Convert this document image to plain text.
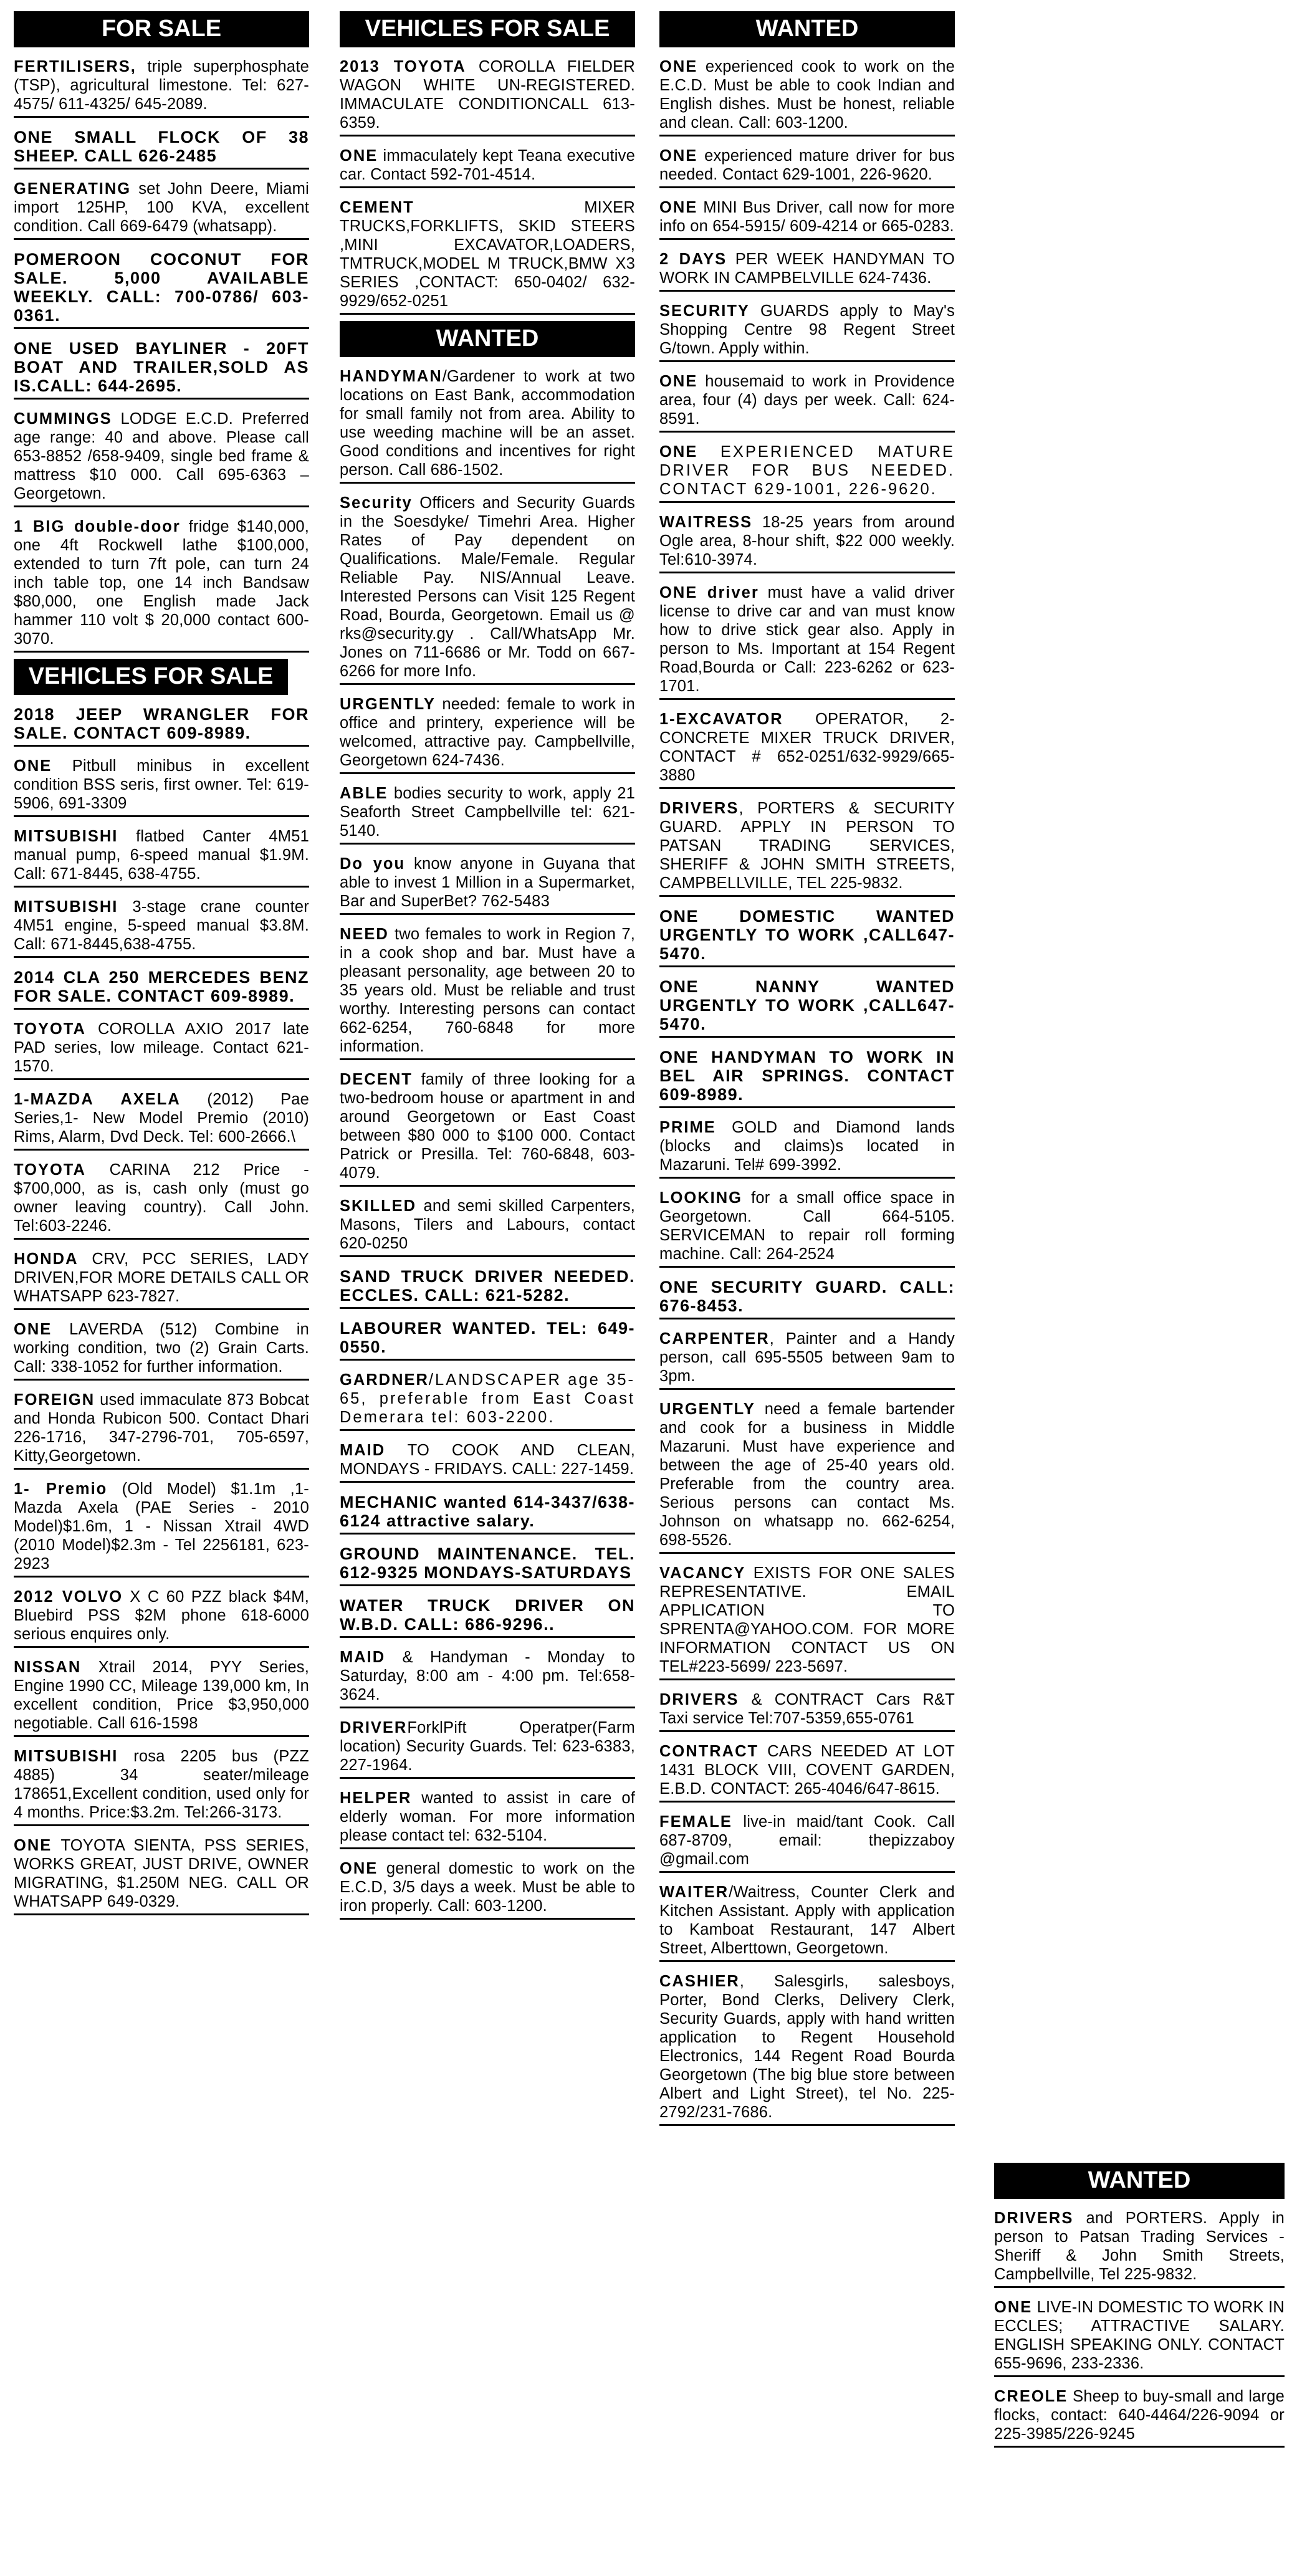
FOR SALE
FERTILISERS, triple superphosphate (TSP), agricultural limestone. Tel: 627-4575/ 611-4325/ 645-2089.
ONE SMALL FLOCK OF 38 SHEEP. CALL 626-2485
GENERATING set John Deere, Miami import 125HP, 100 KVA, excellent condition. Call 669-6479 (whatsapp).
POMEROON COCONUT FOR SALE. 5,000 AVAILABLE WEEKLY. CALL: 700-0786/ 603-0361.
ONE USED BAYLINER - 20FT BOAT AND TRAILER,SOLD AS IS.CALL: 644-2695.
CUMMINGS LODGE E.C.D. Preferred age range: 40 and above. Please call 653-8852 /658-9409, single bed frame & mattress $10 000. Call 695-6363 – Georgetown.
1 BIG double-door fridge $140,000, one 4ft Rockwell lathe $100,000, extended to turn 7ft pole, can turn 24 inch table top, one 14 inch Bandsaw $80,000, one English made Jack hammer 110 volt $ 20,000 contact 600-3070.
VEHICLES FOR SALE
2018 JEEP WRANGLER FOR SALE. CONTACT 609-8989.
ONE Pitbull minibus in excellent condition BSS seris, first owner. Tel: 619-5906, 691-3309
MITSUBISHI flatbed Canter 4M51 manual pump, 6-speed manual $1.9M. Call: 671-8445, 638-4755.
MITSUBISHI 3-stage crane counter 4M51 engine, 5-speed manual $3.8M. Call: 671-8445,638-4755.
2014 CLA 250 MERCEDES BENZ FOR SALE. CONTACT 609-8989.
TOYOTA COROLLA AXIO 2017 late PAD series, low mileage. Contact 621-1570.
1-MAZDA AXELA (2012) Pae Series,1- New Model Premio (2010) Rims, Alarm, Dvd Deck. Tel: 600-2666.\
TOYOTA CARINA 212 Price - $700,000, as is, cash only (must go owner leaving country). Call John. Tel:603-2246.
HONDA CRV, PCC SERIES, LADY DRIVEN,FOR MORE DETAILS CALL OR WHATSAPP 623-7827.
ONE LAVERDA (512) Combine in working condition, two (2) Grain Carts. Call: 338-1052 for further information.
FOREIGN used immaculate 873 Bobcat and Honda Rubicon 500. Contact Dhari 226-1716, 347-2796-701, 705-6597, Kitty,Georgetown.
1- Premio (Old Model) $1.1m ,1- Mazda Axela (PAE Series - 2010 Model)$1.6m, 1 - Nissan Xtrail 4WD (2010 Model)$2.3m - Tel 2256181, 623-2923
2012 VOLVO X C 60 PZZ black $4M, Bluebird PSS $2M phone 618-6000 serious enquires only.
NISSAN Xtrail 2014, PYY Series, Engine 1990 CC, Mileage 139,000 km, In excellent condition, Price $3,950,000 negotiable. Call 616-1598
MITSUBISHI rosa 2205 bus (PZZ 4885) 34 seater/mileage 178651,Excellent condition, used only for 4 months. Price:$3.2m. Tel:266-3173.
ONE TOYOTA SIENTA, PSS SERIES, WORKS GREAT, JUST DRIVE, OWNER MIGRATING, $1.250M NEG. CALL OR WHATSAPP 649-0329.
VEHICLES FOR SALE
2013 TOYOTA COROLLA FIELDER WAGON WHITE UN-REGISTERED. IMMACULATE CONDITIONCALL 613-6359.
ONE immaculately kept Teana executive car. Contact 592-701-4514.
CEMENT MIXER TRUCKS,FORKLIFTS, SKID STEERS ,MINI EXCAVATOR,LOADERS, TMTRUCK,MODEL M TRUCK,BMW X3 SERIES ,CONTACT: 650-0402/ 632-9929/652-0251
WANTED
HANDYMAN/Gardener to work at two locations on East Bank, accommodation for small family not from area. Ability to use weeding machine will be an asset. Good conditions and incentives for right person. Call 686-1502.
Security Officers and Security Guards in the Soesdyke/ Timehri Area. Higher Rates of Pay dependent on Qualifications. Male/Female. Regular Reliable Pay. NIS/Annual Leave. Interested Persons can Visit 125 Regent Road, Bourda, Georgetown. Email us @ rks@security.gy . Call/WhatsApp Mr. Jones on 711-6686 or Mr. Todd on 667-6266 for more Info.
URGENTLY needed: female to work in office and printery, experience will be welcomed, attractive pay. Campbellville, Georgetown 624-7436.
ABLE bodies security to work, apply 21 Seaforth Street Campbellville tel: 621-5140.
Do you know anyone in Guyana that able to invest 1 Million in a Supermarket, Bar and SuperBet? 762-5483
NEED two females to work in Region 7, in a cook shop and bar. Must have a pleasant personality, age between 20 to 35 years old. Must be reliable and trust worthy. Interesting persons can contact 662-6254, 760-6848 for more information.
DECENT family of three looking for a two-bedroom house or apartment in and around Georgetown or East Coast between $80 000 to $100 000. Contact Patrick or Presilla. Tel: 760-6848, 603-4079.
SKILLED and semi skilled Carpenters, Masons, Tilers and Labours, contact 620-0250
SAND TRUCK DRIVER NEEDED. ECCLES. CALL: 621-5282.
LABOURER WANTED. TEL: 649-0550.
GARDNER/LANDSCAPER age 35-65, preferable from East Coast Demerara tel: 603-2200.
MAID TO COOK AND CLEAN, MONDAYS - FRIDAYS. CALL: 227-1459.
MECHANIC wanted 614-3437/638-6124 attractive salary.
GROUND MAINTENANCE. TEL. 612-9325 MONDAYS-SATURDAYS
WATER TRUCK DRIVER ON W.B.D. CALL: 686-9296..
MAID & Handyman - Monday to Saturday, 8:00 am - 4:00 pm. Tel:658-3624.
DRIVERForklPift Operatper(Farm location) Security Guards. Tel: 623-6383, 227-1964.
HELPER wanted to assist in care of elderly woman. For more information please contact tel: 632-5104.
ONE general domestic to work on the E.C.D, 3/5 days a week. Must be able to iron properly. Call: 603-1200.
WANTED
ONE experienced cook to work on the E.C.D. Must be able to cook Indian and English dishes. Must be honest, reliable and clean. Call: 603-1200.
ONE experienced mature driver for bus needed. Contact 629-1001, 226-9620.
ONE MINI Bus Driver, call now for more info on 654-5915/ 609-4214 or 665-0283.
2 DAYS PER WEEK HANDYMAN TO WORK IN CAMPBELVILLE 624-7436.
SECURITY GUARDS apply to May's Shopping Centre 98 Regent Street G/town. Apply within.
ONE housemaid to work in Providence area, four (4) days per week. Call: 624-8591.
ONE EXPERIENCED MATURE DRIVER FOR BUS NEEDED. CONTACT 629-1001, 226-9620.
WAITRESS 18-25 years from around Ogle area, 8-hour shift, $22 000 weekly. Tel:610-3974.
ONE driver must have a valid driver license to drive car and van must know how to drive stick gear also. Apply in person to Ms. Important at 154 Regent Road,Bourda or Call: 223-6262 or 623-1701.
1-EXCAVATOR OPERATOR, 2- CONCRETE MIXER TRUCK DRIVER, CONTACT # 652-0251/632-9929/665-3880
DRIVERS, PORTERS & SECURITY GUARD. APPLY IN PERSON TO PATSAN TRADING SERVICES, SHERIFF & JOHN SMITH STREETS, CAMPBELLVILLE, TEL 225-9832.
ONE DOMESTIC WANTED URGENTLY TO WORK ,CALL647-5470.
ONE NANNY WANTED URGENTLY TO WORK ,CALL647-5470.
ONE HANDYMAN TO WORK IN BEL AIR SPRINGS. CONTACT 609-8989.
PRIME GOLD and Diamond lands (blocks and claims)s located in Mazaruni. Tel# 699-3992.
LOOKING for a small office space in Georgetown. Call 664-5105. SERVICEMAN to repair roll forming machine. Call: 264-2524
ONE SECURITY GUARD. CALL: 676-8453.
CARPENTER, Painter and a Handy person, call 695-5505 between 9am to 3pm.
URGENTLY need a female bartender and cook for a business in Middle Mazaruni. Must have experience and between the age of 25-40 years old. Preferable from the country area. Serious persons can contact Ms. Johnson on whatsapp no. 662-6254, 698-5526.
VACANCY EXISTS FOR ONE SALES REPRESENTATIVE. EMAIL APPLICATION TO SPRENTA@YAHOO.COM. FOR MORE INFORMATION CONTACT US ON TEL#223-5699/ 223-5697.
DRIVERS & CONTRACT Cars R&T Taxi service Tel:707-5359,655-0761
CONTRACT CARS NEEDED AT LOT 1431 BLOCK VIII, COVENT GARDEN, E.B.D. CONTACT: 265-4046/647-8615.
FEMALE live-in maid/tant Cook. Call 687-8709, email: thepizzaboy @gmail.com
WAITER/Waitress, Counter Clerk and Kitchen Assistant. Apply with application to Kamboat Restaurant, 147 Albert Street, Alberttown, Georgetown.
CASHIER, Salesgirls, salesboys, Porter, Bond Clerks, Delivery Clerk, Security Guards, apply with hand written application to Regent Household Electronics, 144 Regent Road Bourda Georgetown (The big blue store between Albert and Light Street), tel No. 225-2792/231-7686.
WANTED
DRIVERS and PORTERS. Apply in person to Patsan Trading Services - Sheriff & John Smith Streets, Campbellville, Tel 225-9832.
ONE LIVE-IN DOMESTIC TO WORK IN ECCLES; ATTRACTIVE SALARY. ENGLISH SPEAKING ONLY. CONTACT 655-9696, 233-2336.
CREOLE Sheep to buy-small and large flocks, contact: 640-4464/226-9094 or 225-3985/226-9245
